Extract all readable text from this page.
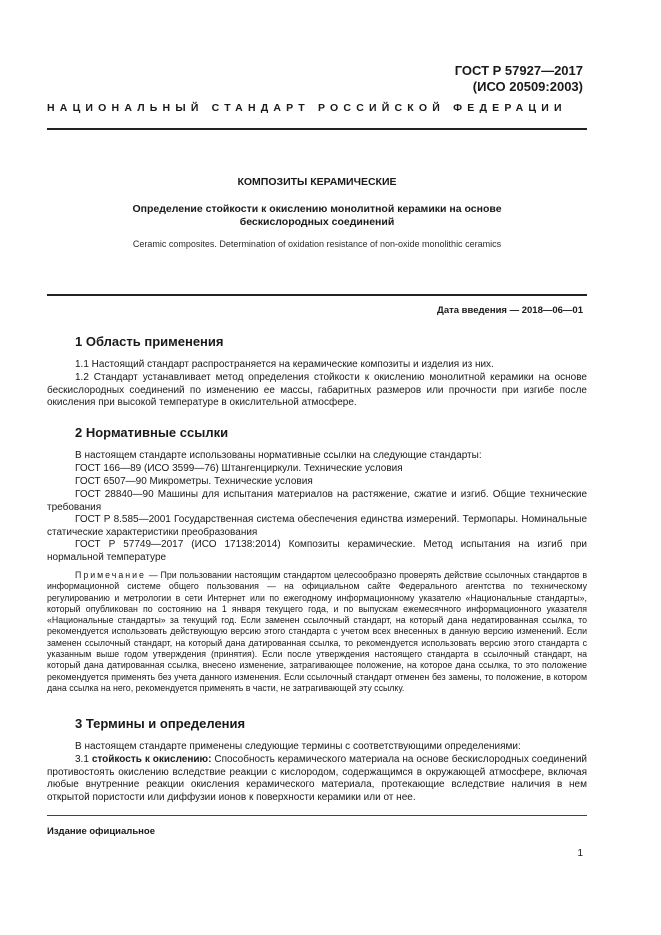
ГОСТ Р 57927—2017
(ИСО 20509:2003)
НАЦИОНАЛЬНЫЙ СТАНДАРТ РОССИЙСКОЙ ФЕДЕРАЦИИ
КОМПОЗИТЫ КЕРАМИЧЕСКИЕ
Определение стойкости к окислению монолитной керамики на основе бескислородных соединений
Ceramic composites. Determination of oxidation resistance of non-oxide monolithic ceramics
Дата введения — 2018—06—01
1 Область применения

1.1 Настоящий стандарт распространяется на керамические композиты и изделия из них.

1.2 Стандарт устанавливает метод определения стойкости к окислению монолитной керамики на основе бескислородных соединений по изменению ее массы, габаритных размеров или прочности при изгибе после окисления при высокой температуре в окислительной атмосфере.

2 Нормативные ссылки

В настоящем стандарте использованы нормативные ссылки на следующие стандарты:

ГОСТ 166—89 (ИСО 3599—76) Штангенциркули. Технические условия

ГОСТ 6507—90 Микрометры. Технические условия

ГОСТ 28840—90 Машины для испытания материалов на растяжение, сжатие и изгиб. Общие технические требования

ГОСТ Р 8.585—2001 Государственная система обеспечения единства измерений. Термопары. Номинальные статические характеристики преобразования

ГОСТ Р 57749—2017 (ИСО 17138:2014) Композиты керамические. Метод испытания на изгиб при нормальной температуре

Примечание — При пользовании настоящим стандартом целесообразно проверять действие ссылочных стандартов в информационной системе общего пользования — на официальном сайте Федерального агентства по техническому регулированию и метрологии в сети Интернет или по ежегодному информационному указателю «Национальные стандарты», который опубликован по состоянию на 1 января текущего года, и по выпускам ежемесячного информационного указателя «Национальные стандарты» за текущий год. Если заменен ссылочный стандарт, на который дана недатированная ссылка, то рекомендуется использовать действующую версию этого стандарта с учетом всех внесенных в данную версию изменений. Если заменен ссылочный стандарт, на который дана датированная ссылка, то рекомендуется использовать версию этого стандарта с указанным выше годом утверждения (принятия). Если после утверждения настоящего стандарта в ссылочный стандарт, на который дана датированная ссылка, внесено изменение, затрагивающее положение, на которое дана ссылка, то это положение рекомендуется применять без учета данного изменения. Если ссылочный стандарт отменен без замены, то положение, в котором дана ссылка на него, рекомендуется применять в части, не затрагивающей эту ссылку.

3 Термины и определения

В настоящем стандарте применены следующие термины с соответствующими определениями:

3.1 стойкость к окислению: Способность керамического материала на основе бескислородных соединений противостоять окислению вследствие реакции с кислородом, содержащимся в окружающей атмосфере, включая любые внутренние реакции окисления керамического материала, протекающие вследствие наличия в нем открытой пористости или диффузии ионов к поверхности керамики или от нее.

Издание официальное
1
